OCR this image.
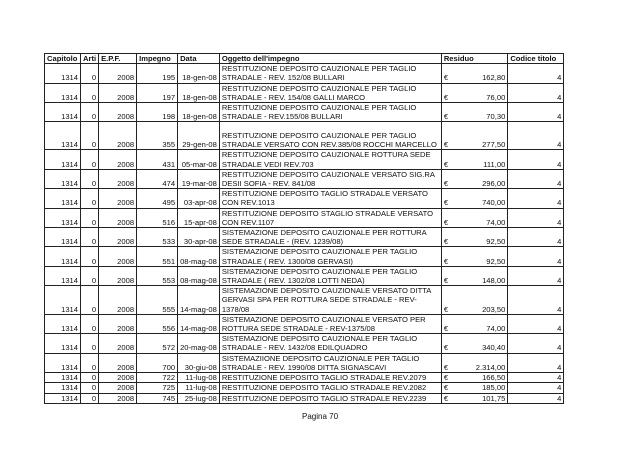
Capitolo	Arti	E.P.F.	Impegno	Data	Oggetto dell'impegno	Residuo		Codice titolo
1314	0	2008	195	18-gen-08	RESTITUZIONE DEPOSITO CAUZIONALE PER TAGLIO STRADALE - REV. 152/08 BULLARI	€	162,80	4
1314	0	2008	197	18-gen-08	RESTITUZIONE DEPOSITO CAUZIONALE PER TAGLIO STRADALE - REV. 154/08 GALLI MARCO	€	76,00	4
1314	0	2008	198	18-gen-08	RESTITUZIONE DEPOSITO CAUZIONALE PER TAGLIO STRADALE - REV.155/08 BULLARI	€	70,30	4
1314	0	2008	355	29-gen-08	RESTITUZIONE DEPOSITO CAUZIONALE PER TAGLIO STRADALE VERSATO CON REV.385/08 ROCCHI MARCELLO	€	277,50	4
1314	0	2008	431	05-mar-08	RESTITUZIONE DEPOSITO CAUZIONALE ROTTURA SEDE STRADALE VEDI REV.703	€	111,00	4
1314	0	2008	474	19-mar-08	RESTITUZIONE DEPOSITO CAUZIONALE VERSATO SIG.RA DESII SOFIA - REV. 841/08	€	296,00	4
1314	0	2008	495	03-apr-08	RESTITUZIONE DEPOSITO TAGLIO STRADALE VERSATO CON REV.1013	€	740,00	4
1314	0	2008	516	15-apr-08	RESTITUZIONE DEPOSITO STAGLIO STRADALE VERSATO CON REV.1107	€	74,00	4
1314	0	2008	533	30-apr-08	SISTEMAZIONE DEPOSITO CAUZIONALE PER ROTTURA SEDE STRADALE - (REV. 1239/08)	€	92,50	4
1314	0	2008	551	08-mag-08	SISTEMAZIONE DEPOSITO CAUZIONALE PER TAGLIO STRADALE ( REV. 1300/08 GERVASI)	€	92,50	4
1314	0	2008	553	08-mag-08	SISTEMAZIONE DEPOSITO CAUZIONALE PER TAGLIO STRADALE ( REV. 1302/08 LOTTI NEDA)	€	148,00	4
1314	0	2008	555	14-mag-08	SISTEMAZIONE DEPOSITO CAUZIONALE VERSATO DITTA GERVASI SPA PER ROTTURA SEDE STRADALE - REV-1378/08	€	203,50	4
1314	0	2008	556	14-mag-08	SISTEMAZIONE DEPOSITO CAUZIONALE VERSATO PER ROTTURA SEDE STRADALE - REV-1375/08	€	74,00	4
1314	0	2008	572	20-mag-08	SISTEMAZIONE DEPOSITO CAUZIONALE PER TAGLIO STRADALE - REV. 1432/08 EDILQUADRO	€	340,40	4
1314	0	2008	700	30-giu-08	SISTEMAZIIONE DEPOSITO CAUZIONALE PER TAGLIO STRADALE - REV. 1990/08 DITTA SIGNASCAVI	€	2.314,00	4
1314	0	2008	722	11-lug-08	RESTITUZIONE DEPOSITO TAGLIO STRADALE REV.2079	€	166,50	4
1314	0	2008	725	11-lug-08	RESTITUZIONE DEPOSITO TAGLIO STRADALE REV.2082	€	185,00	4
1314	0	2008	745	25-lug-08	RESTITUZIONE DEPOSITO TAGLIO STRADALE REV.2239	€	101,75	4
Pagina 70
